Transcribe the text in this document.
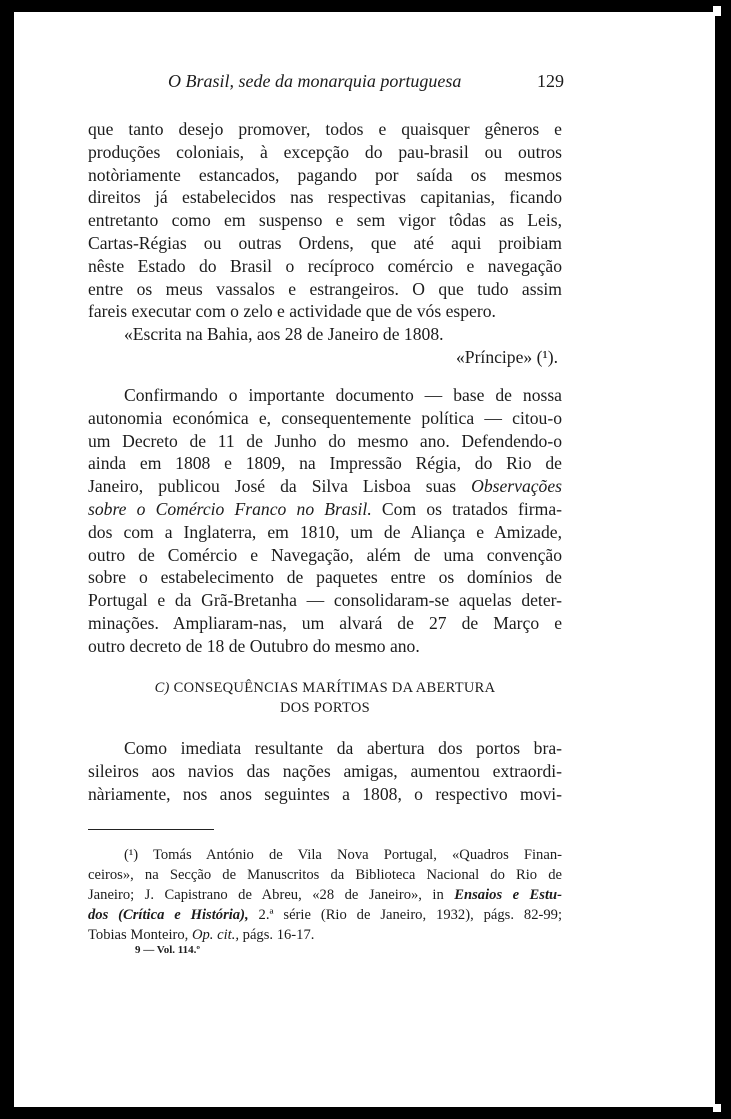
O Brasil, sede da monarquia portuguesa	129
que tanto desejo promover, todos e quaisquer gêneros e
produções coloniais, à excepção do pau-brasil ou outros
notòriamente estancados, pagando por saída os mesmos
direitos já estabelecidos nas respectivas capitanias, ficando
entretanto como em suspenso e sem vigor tôdas as Leis,
Cartas-Régias ou outras Ordens, que até aqui proibiam
nêste Estado do Brasil o recíproco comércio e navegação
entre os meus vassalos e estrangeiros. O que tudo assim
fareis executar com o zelo e actividade que de vós espero.
«Escrita na Bahia, aos 28 de Janeiro de 1808.
«Príncipe» (¹).
Confirmando o importante documento — base de nossa
autonomia económica e, consequentemente política — citou-o
um Decreto de 11 de Junho do mesmo ano. Defendendo-o
ainda em 1808 e 1809, na Impressão Régia, do Rio de
Janeiro, publicou José da Silva Lisboa suas Observações
sobre o Comércio Franco no Brasil. Com os tratados firma-
dos com a Inglaterra, em 1810, um de Aliança e Amizade,
outro de Comércio e Navegação, além de uma convenção
sobre o estabelecimento de paquetes entre os domínios de
Portugal e da Grã-Bretanha — consolidaram-se aquelas deter-
minações. Ampliaram-nas, um alvará de 27 de Março e
outro decreto de 18 de Outubro do mesmo ano.
C) CONSEQUÊNCIAS MARÍTIMAS DA ABERTURA
DOS PORTOS
Como imediata resultante da abertura dos portos bra-
sileiros aos navios das nações amigas, aumentou extraordi-
nàriamente, nos anos seguintes a 1808, o respectivo movi-
(¹) Tomás António de Vila Nova Portugal, «Quadros Finan-
ceiros», na Secção de Manuscritos da Biblioteca Nacional do Rio de
Janeiro; J. Capistrano de Abreu, «28 de Janeiro», in Ensaios e Estu-
dos (Crítica e História), 2.ª série (Rio de Janeiro, 1932), págs. 82-99;
Tobias Monteiro, Op. cit., págs. 16-17.
9 — Vol. 114.º
